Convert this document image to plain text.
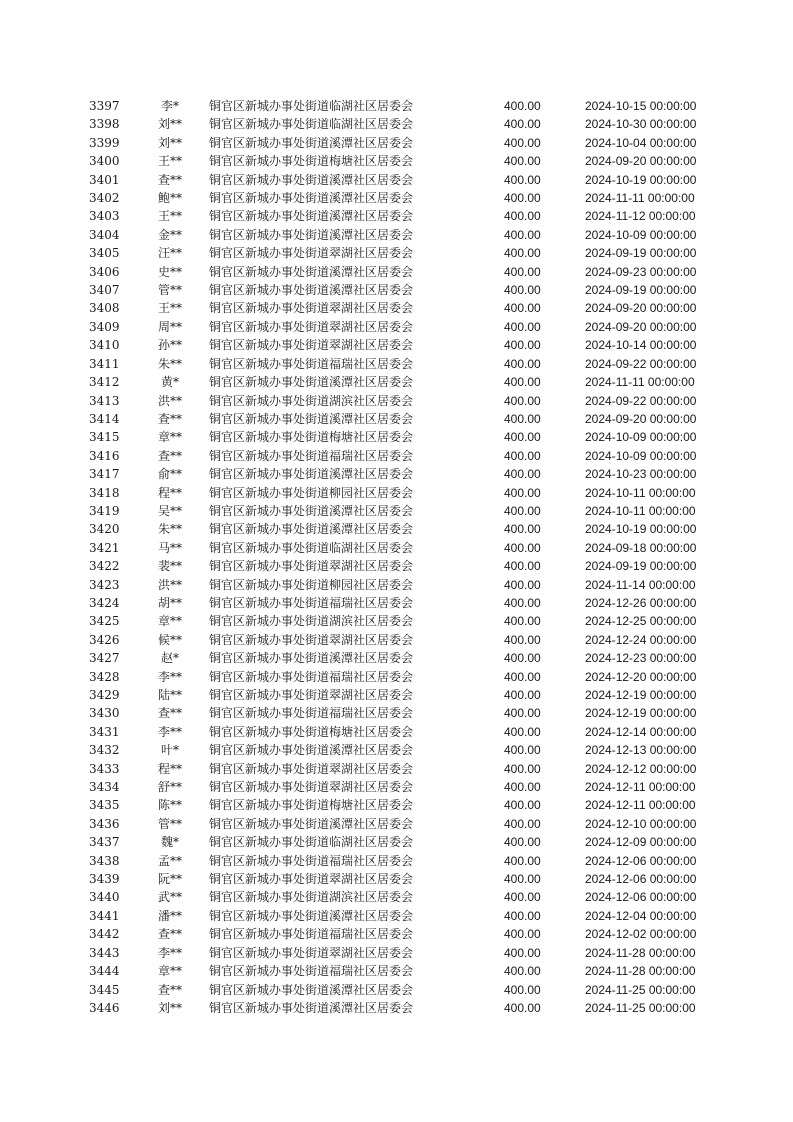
3397	李*	铜官区新城办事处街道临湖社区居委会	400.00	2024-10-15 00:00:00
3398	刘**	铜官区新城办事处街道临湖社区居委会	400.00	2024-10-30 00:00:00
3399	刘**	铜官区新城办事处街道溪潭社区居委会	400.00	2024-10-04 00:00:00
3400	王**	铜官区新城办事处街道梅塘社区居委会	400.00	2024-09-20 00:00:00
3401	查**	铜官区新城办事处街道溪潭社区居委会	400.00	2024-10-19 00:00:00
3402	鲍**	铜官区新城办事处街道溪潭社区居委会	400.00	2024-11-11 00:00:00
3403	王**	铜官区新城办事处街道溪潭社区居委会	400.00	2024-11-12 00:00:00
3404	金**	铜官区新城办事处街道溪潭社区居委会	400.00	2024-10-09 00:00:00
3405	汪**	铜官区新城办事处街道翠湖社区居委会	400.00	2024-09-19 00:00:00
3406	史**	铜官区新城办事处街道溪潭社区居委会	400.00	2024-09-23 00:00:00
3407	管**	铜官区新城办事处街道溪潭社区居委会	400.00	2024-09-19 00:00:00
3408	王**	铜官区新城办事处街道翠湖社区居委会	400.00	2024-09-20 00:00:00
3409	周**	铜官区新城办事处街道翠湖社区居委会	400.00	2024-09-20 00:00:00
3410	孙**	铜官区新城办事处街道翠湖社区居委会	400.00	2024-10-14 00:00:00
3411	朱**	铜官区新城办事处街道福瑞社区居委会	400.00	2024-09-22 00:00:00
3412	黄*	铜官区新城办事处街道溪潭社区居委会	400.00	2024-11-11 00:00:00
3413	洪**	铜官区新城办事处街道湖滨社区居委会	400.00	2024-09-22 00:00:00
3414	查**	铜官区新城办事处街道溪潭社区居委会	400.00	2024-09-20 00:00:00
3415	章**	铜官区新城办事处街道梅塘社区居委会	400.00	2024-10-09 00:00:00
3416	查**	铜官区新城办事处街道福瑞社区居委会	400.00	2024-10-09 00:00:00
3417	俞**	铜官区新城办事处街道溪潭社区居委会	400.00	2024-10-23 00:00:00
3418	程**	铜官区新城办事处街道柳园社区居委会	400.00	2024-10-11 00:00:00
3419	吴**	铜官区新城办事处街道溪潭社区居委会	400.00	2024-10-11 00:00:00
3420	朱**	铜官区新城办事处街道溪潭社区居委会	400.00	2024-10-19 00:00:00
3421	马**	铜官区新城办事处街道临湖社区居委会	400.00	2024-09-18 00:00:00
3422	裴**	铜官区新城办事处街道翠湖社区居委会	400.00	2024-09-19 00:00:00
3423	洪**	铜官区新城办事处街道柳园社区居委会	400.00	2024-11-14 00:00:00
3424	胡**	铜官区新城办事处街道福瑞社区居委会	400.00	2024-12-26 00:00:00
3425	章**	铜官区新城办事处街道湖滨社区居委会	400.00	2024-12-25 00:00:00
3426	候**	铜官区新城办事处街道翠湖社区居委会	400.00	2024-12-24 00:00:00
3427	赵*	铜官区新城办事处街道溪潭社区居委会	400.00	2024-12-23 00:00:00
3428	李**	铜官区新城办事处街道福瑞社区居委会	400.00	2024-12-20 00:00:00
3429	陆**	铜官区新城办事处街道翠湖社区居委会	400.00	2024-12-19 00:00:00
3430	查**	铜官区新城办事处街道福瑞社区居委会	400.00	2024-12-19 00:00:00
3431	李**	铜官区新城办事处街道梅塘社区居委会	400.00	2024-12-14 00:00:00
3432	叶*	铜官区新城办事处街道溪潭社区居委会	400.00	2024-12-13 00:00:00
3433	程**	铜官区新城办事处街道翠湖社区居委会	400.00	2024-12-12 00:00:00
3434	舒**	铜官区新城办事处街道翠湖社区居委会	400.00	2024-12-11 00:00:00
3435	陈**	铜官区新城办事处街道梅塘社区居委会	400.00	2024-12-11 00:00:00
3436	管**	铜官区新城办事处街道溪潭社区居委会	400.00	2024-12-10 00:00:00
3437	魏*	铜官区新城办事处街道临湖社区居委会	400.00	2024-12-09 00:00:00
3438	孟**	铜官区新城办事处街道福瑞社区居委会	400.00	2024-12-06 00:00:00
3439	阮**	铜官区新城办事处街道翠湖社区居委会	400.00	2024-12-06 00:00:00
3440	武**	铜官区新城办事处街道湖滨社区居委会	400.00	2024-12-06 00:00:00
3441	潘**	铜官区新城办事处街道溪潭社区居委会	400.00	2024-12-04 00:00:00
3442	查**	铜官区新城办事处街道福瑞社区居委会	400.00	2024-12-02 00:00:00
3443	李**	铜官区新城办事处街道翠湖社区居委会	400.00	2024-11-28 00:00:00
3444	章**	铜官区新城办事处街道福瑞社区居委会	400.00	2024-11-28 00:00:00
3445	查**	铜官区新城办事处街道溪潭社区居委会	400.00	2024-11-25 00:00:00
3446	刘**	铜官区新城办事处街道溪潭社区居委会	400.00	2024-11-25 00:00:00
